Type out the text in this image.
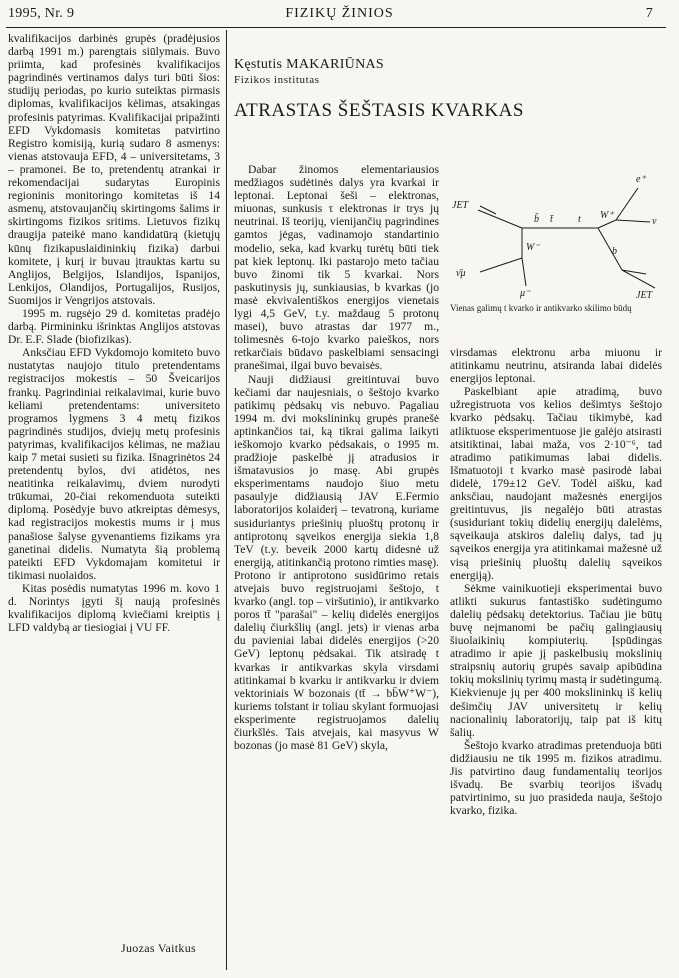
1995, Nr. 9	FIZIKŲ ŽINIOS	7

kvalifikacijos darbinės grupės (pradėjusios darbą 1991 m.) parengtais siūlymais. Buvo priimta, kad profesinės kvalifikacijos pagrindinės vertinamos dalys turi būti šios: studijų periodas, po kurio suteiktas pirmasis diplomas, kvalifikacijos kėlimas, atsakingas profesinis patyrimas. Kvalifikacijai pripažinti EFD Vykdomasis komitetas patvirtino Registro komisiją, kurią sudaro 8 asmenys: vienas atstovauja EFD, 4 – universitetams, 3 – pramonei. Be to, pretendentų atrankai ir rekomendacijai sudarytas Europinis regioninis monitoringo komitetas iš 14 asmenų, atstovaujančių skirtingoms šalims ir skirtingoms fizikos sritims. Lietuvos fizikų draugija pateikė mano kandidatūrą (kietųjų kūnų fizikapuslaidininkių fizika) darbui komitete, į kurį ir buvau įtrauktas kartu su Anglijos, Belgijos, Islandijos, Ispanijos, Lenkijos, Olandijos, Portugalijos, Rusijos, Suomijos ir Vengrijos atstovais.

1995 m. rugsėjo 29 d. komitetas pradėjo darbą. Pirmininku išrinktas Anglijos atstovas Dr. E.F. Slade (biofizikas).

Anksčiau EFD Vykdomojo komiteto buvo nustatytas naujojo titulo pretendentams registracijos mokestis – 50 Šveicarijos frankų. Pagrindiniai reikalavimai, kurie buvo keliami pretendentams: universiteto programos lygmens 3 4 metų fizikos pagrindinės studijos, dviejų metų profesinis patyrimas, kvalifikacijos kėlimas, ne mažiau kaip 7 metai susieti su fizika. Išnagrinėtos 24 pretendentų bylos, dvi atidėtos, nes neatitinka reikalavimų, dviem nurodyti trūkumai, 20-čiai rekomenduota suteikti diplomą. Posėdyje buvo atkreiptas dėmesys, kad registracijos mokestis mums ir į mus panašiose šalyse gyvenantiems fizikams yra ganetinai didelis. Numatyta šią problemą pateikti EFD Vykdomajam komitetui ir tikimasi nuolaidos.

Kitas posėdis numatytas 1996 m. kovo 1 d. Norintys įgyti šį naują profesinės kvalifikacijos diplomą kviečiami kreiptis į LFD valdybą ar tiesiogiai į VU FF.

Juozas Vaitkus
Kęstutis MAKARIŪNAS
Fizikos institutas
ATRASTAS ŠEŠTASIS KVARKAS

Dabar žinomos elementariausios medžiagos sudėtinės dalys yra kvarkai ir leptonai. Leptonai šeši – elektronas, miuonas, sunkusis τ elektronas ir trys jų neutrinai. Iš teorijų, vienijančių pagrindines gamtos jėgas, vadinamojo standartinio modelio, seka, kad kvarkų turėtų būti tiek pat kiek leptonų. Iki pastarojo meto tačiau buvo žinomi tik 5 kvarkai. Nors paskutinysis jų, sunkiausias, b kvarkas (jo masė ekvivalentiškos energijos vienetais lygi 4,5 GeV, t.y. maždaug 5 protonų masei), buvo atrastas dar 1977 m., tolimesnės 6-tojo kvarko paieškos, nors retkarčiais būdavo paskelbiami sensacingi pranešimai, ilgai buvo bevaisės.

Nauji didžiausi greitintuvai buvo kečiami dar naujesniais, o šeštojo kvarko patikimų pėdsakų vis nebuvo. Pagaliau 1994 m. dvi mokslininkų grupės pranešė aptinkančios tai, ką tikrai galima laikyti ieškomojo kvarko pėdsakais, o 1995 m. pradžioje paskelbė jį atradusios ir išmatavusios jo masę. Abi grupės eksperimentams naudojo šiuo metu pasaulyje didžiausią JAV E.Fermio laboratorijos kolaiderį – tevatroną, kuriame susiduriantys priešinių pluoštų protonų ir antiprotonų sąveikos energija siekia 1,8 TeV (t.y. beveik 2000 kartų didesnė už energiją, atitinkančią protono rimties masę). Protono ir antiprotono susidūrimo retais atvejais buvo registruojami šeštojo, t kvarko (angl. top – viršutinio), ir antikvarko poros tt̄ "parašai" – kelių didelės energijos dalelių čiurkšlių (angl. jets) ir vienas arba du pavieniai labai didelės energijos (>20 GeV) leptonų pėdsakai. Tik atsiradę t kvarkas ir antikvarkas skyla virsdami atitinkamai b kvarku ir antikvarku ir dviem vektoriniais W bozonais (tt̄ → bb̄W⁺W⁻), kuriems tolstant ir toliau skylant formuojasi eksperimente registruojamos dalelių čiurkšlės. Tais atvejais, kai masyvus W bozonas (jo masė 81 GeV) skyla,

JET
JET
e⁺
ν
b̄ t̄	t W⁺
W⁻	b
ν̄μ
μ⁻
Vienas galimų t kvarko ir antikvarko skilimo būdų

virsdamas elektronu arba miuonu ir atitinkamu neutrinu, atsiranda labai didelės energijos leptonai.

Paskelbiant apie atradimą, buvo užregistruota vos kelios dešimtys šeštojo kvarko pėdsakų. Tačiau tikimybė, kad atliktuose eksperimentuose jie galėjo atsirasti atsitiktinai, labai maža, vos 2·10⁻⁶, tad atradimo patikimumas labai didelis. Išmatuotoji t kvarko masė pasirodė labai didelė, 179±12 GeV. Todėl aišku, kad anksčiau, naudojant mažesnės energijos greitintuvus, jis negalėjo būti atrastas (susiduriant tokių didelių energijų dalelėms, sąveikauja atskiros dalelių dalys, tad jų sąveikos energija yra atitinkamai mažesnė už visą priešinių pluoštų dalelių sąveikos energiją).

Sėkme vainikuotieji eksperimentai buvo atlikti sukurus fantastiško sudėtingumo dalelių pėdsakų detektorius. Tačiau jie būtų buvę neįmanomi be pačių galingiausių šiuolaikinių kompiuterių. Įspūdingas atradimo ir apie jį paskelbusių mokslinių straipsnių autorių grupės savaip apibūdina tokių mokslinių tyrimų mastą ir sudėtingumą. Kiekvienuje jų per 400 mokslininkų iš kelių dešimčių JAV universitetų ir kelių nacionalinių laboratorijų, taip pat iš kitų šalių.

Šeštojo kvarko atradimas pretenduoja būti didžiausiu ne tik 1995 m. fizikos atradimu. Jis patvirtino daug fundamentalių teorijos išvadų. Be svarbių teorijos išvadų patvirtinimo, su juo prasideda nauja, šeštojo kvarko, fizika.
